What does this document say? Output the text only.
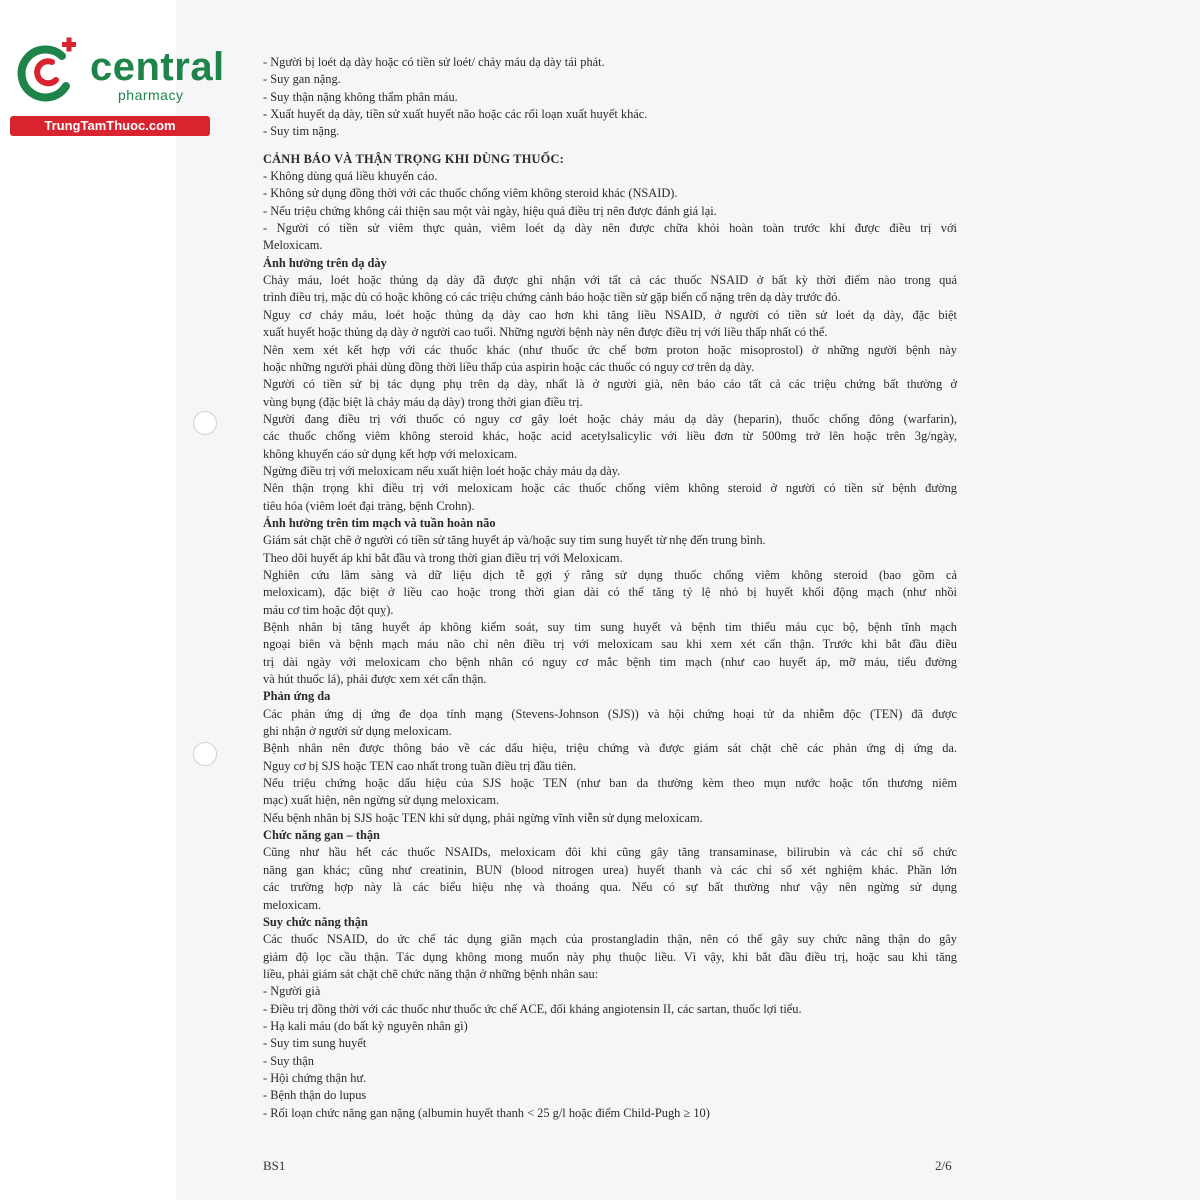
central
pharmacy
TrungTamThuoc.com
- Người bị loét dạ dày hoặc có tiền sử loét/ chảy máu dạ dày tái phát.
- Suy gan nặng.
- Suy thận nặng không thẩm phân máu.
- Xuất huyết dạ dày, tiền sử xuất huyết não hoặc các rối loạn xuất huyết khác.
- Suy tim nặng.
CẢNH BÁO VÀ THẬN TRỌNG KHI DÙNG THUỐC:
- Không dùng quá liều khuyến cáo.
- Không sử dụng đồng thời với các thuốc chống viêm không steroid khác (NSAID).
- Nếu triệu chứng không cải thiện sau một vài ngày, hiệu quả điều trị nên được đánh giá lại.
- Người có tiền sử viêm thực quản, viêm loét dạ dày nên được chữa khỏi hoàn toàn trước khi được điều trị với
Meloxicam.
Ảnh hưởng trên dạ dày
Chảy máu, loét hoặc thủng dạ dày đã được ghi nhận với tất cả các thuốc NSAID ở bất kỳ thời điểm nào trong quá
trình điều trị, mặc dù có hoặc không có các triệu chứng cảnh báo hoặc tiền sử gặp biến cố nặng trên dạ dày trước đó.
Nguy cơ chảy máu, loét hoặc thủng dạ dày cao hơn khi tăng liều NSAID, ở người có tiền sử loét dạ dày, đặc biệt
xuất huyết hoặc thủng dạ dày ở người cao tuổi. Những người bệnh này nên được điều trị với liều thấp nhất có thể.
Nên xem xét kết hợp với các thuốc khác (như thuốc ức chế bơm proton hoặc misoprostol) ở những người bệnh này
hoặc những người phải dùng đồng thời liều thấp của aspirin hoặc các thuốc có nguy cơ trên dạ dày.
Người có tiền sử bị tác dụng phụ trên dạ dày, nhất là ở người già, nên báo cáo tất cả các triệu chứng bất thường ở
vùng bụng (đặc biệt là chảy máu dạ dày) trong thời gian điều trị.
Người đang điều trị với thuốc có nguy cơ gây loét hoặc chảy máu dạ dày (heparin), thuốc chống đông (warfarin),
các thuốc chống viêm không steroid khác, hoặc acid acetylsalicylic với liều đơn từ 500mg trở lên hoặc trên 3g/ngày,
không khuyến cáo sử dụng kết hợp với meloxicam.
Ngừng điều trị với meloxicam nếu xuất hiện loét hoặc chảy máu dạ dày.
Nên thận trọng khi điều trị với meloxicam hoặc các thuốc chống viêm không steroid ở người có tiền sử bệnh đường
tiêu hóa (viêm loét đại tràng, bệnh Crohn).
Ảnh hưởng trên tim mạch và tuần hoàn não
Giám sát chặt chẽ ở người có tiền sử tăng huyết áp và/hoặc suy tim sung huyết từ nhẹ đến trung bình.
Theo dõi huyết áp khi bắt đầu và trong thời gian điều trị với Meloxicam.
Nghiên cứu lâm sàng và dữ liệu dịch tễ gợi ý rằng sử dụng thuốc chống viêm không steroid (bao gồm cả
meloxicam), đặc biệt ở liều cao hoặc trong thời gian dài có thể tăng tỷ lệ nhỏ bị huyết khối động mạch (như nhồi
máu cơ tim hoặc đột quỵ).
Bệnh nhân bị tăng huyết áp không kiểm soát, suy tim sung huyết và bệnh tim thiếu máu cục bộ, bệnh tĩnh mạch
ngoại biên và bệnh mạch máu não chỉ nên điều trị với meloxicam sau khi xem xét cẩn thận. Trước khi bắt đầu điều
trị dài ngày với meloxicam cho bệnh nhân có nguy cơ mắc bệnh tim mạch (như cao huyết áp, mỡ máu, tiểu đường
và hút thuốc lá), phải được xem xét cẩn thận.
Phản ứng da
Các phản ứng dị ứng đe dọa tính mạng (Stevens-Johnson (SJS)) và hội chứng hoại tử da nhiễm độc (TEN) đã được
ghi nhận ở người sử dụng meloxicam.
Bệnh nhân nên được thông báo về các dấu hiệu, triệu chứng và được giám sát chặt chẽ các phản ứng dị ứng da.
Nguy cơ bị SJS hoặc TEN cao nhất trong tuần điều trị đầu tiên.
Nếu triệu chứng hoặc dấu hiệu của SJS hoặc TEN (như ban da thường kèm theo mụn nước hoặc tổn thương niêm
mạc) xuất hiện, nên ngừng sử dụng meloxicam.
Nếu bệnh nhân bị SJS hoặc TEN khi sử dụng, phải ngừng vĩnh viễn sử dụng meloxicam.
Chức năng gan – thận
Cũng như hầu hết các thuốc NSAIDs, meloxicam đôi khi cũng gây tăng transaminase, bilirubin và các chỉ số chức
năng gan khác; cũng như creatinin, BUN (blood nitrogen urea) huyết thanh và các chỉ số xét nghiệm khác. Phần lớn
các trường hợp này là các biểu hiệu nhẹ và thoáng qua. Nếu có sự bất thường như vậy nên ngừng sử dụng
meloxicam.
Suy chức năng thận
Các thuốc NSAID, do ức chế tác dụng giãn mạch của prostangladin thận, nên có thể gây suy chức năng thận do gây
giảm độ lọc cầu thận. Tác dụng không mong muốn này phụ thuộc liều. Vì vậy, khi bắt đầu điều trị, hoặc sau khi tăng
liều, phải giám sát chặt chẽ chức năng thận ở những bệnh nhân sau:
- Người già
- Điều trị đồng thời với các thuốc như thuốc ức chế ACE, đối kháng angiotensin II, các sartan, thuốc lợi tiểu.
- Hạ kali máu (do bất kỳ nguyên nhân gì)
- Suy tim sung huyết
- Suy thận
- Hội chứng thận hư.
- Bệnh thận do lupus
- Rối loạn chức năng gan nặng (albumin huyết thanh < 25 g/l hoặc điểm Child-Pugh ≥ 10)
BS1	2/6
